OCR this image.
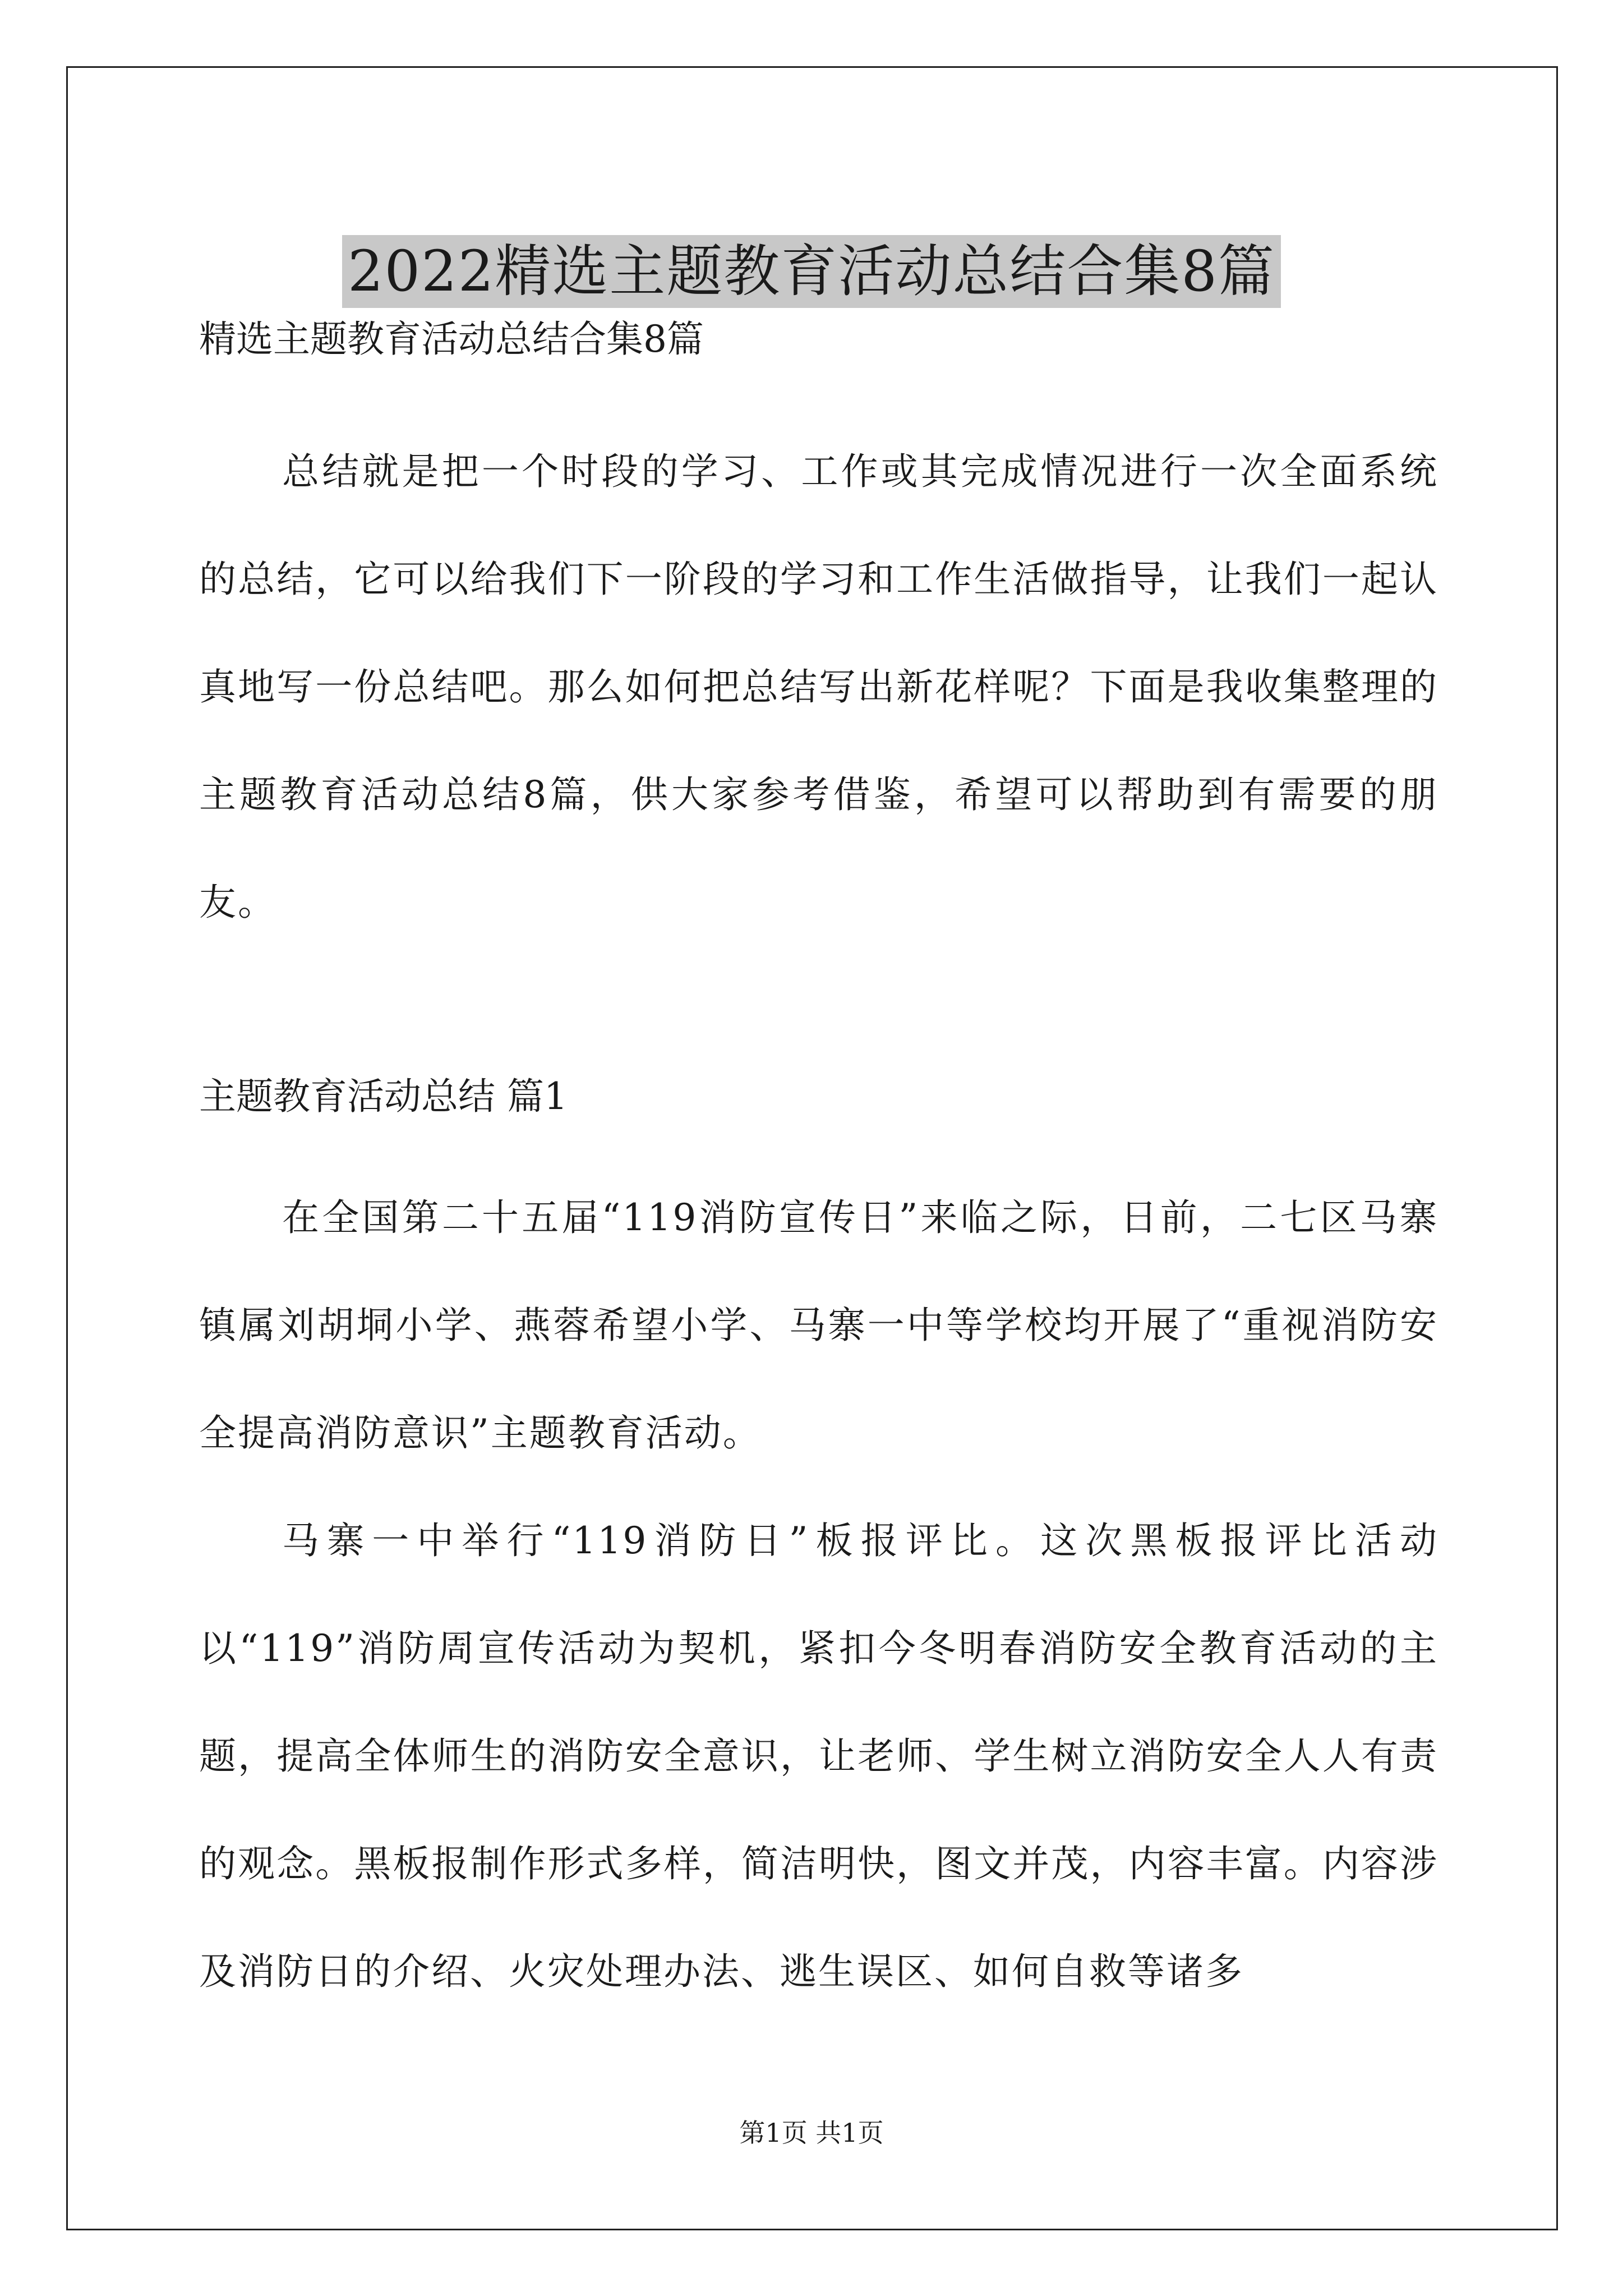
2022精选主题教育活动总结合集8篇

精选主题教育活动总结合集8篇

总结就是把一个时段的学习、工作或其完成情况进行一次全面系统的总结，它可以给我们下一阶段的学习和工作生活做指导，让我们一起认真地写一份总结吧。那么如何把总结写出新花样呢？下面是我收集整理的主题教育活动总结8篇，供大家参考借鉴，希望可以帮助到有需要的朋友。

主题教育活动总结 篇1

在全国第二十五届“119消防宣传日”来临之际，日前，二七区马寨镇属刘胡垌小学、燕蓉希望小学、马寨一中等学校均开展了“重视消防安全提高消防意识”主题教育活动。

马寨一中举行“119消防日”板报评比。这次黑板报评比活动以“119”消防周宣传活动为契机，紧扣今冬明春消防安全教育活动的主题，提高全体师生的消防安全意识，让老师、学生树立消防安全人人有责的观念。黑板报制作形式多样，简洁明快，图文并茂，内容丰富。内容涉及消防日的介绍、火灾处理办法、逃生误区、如何自救等诸多

第1页 共1页
